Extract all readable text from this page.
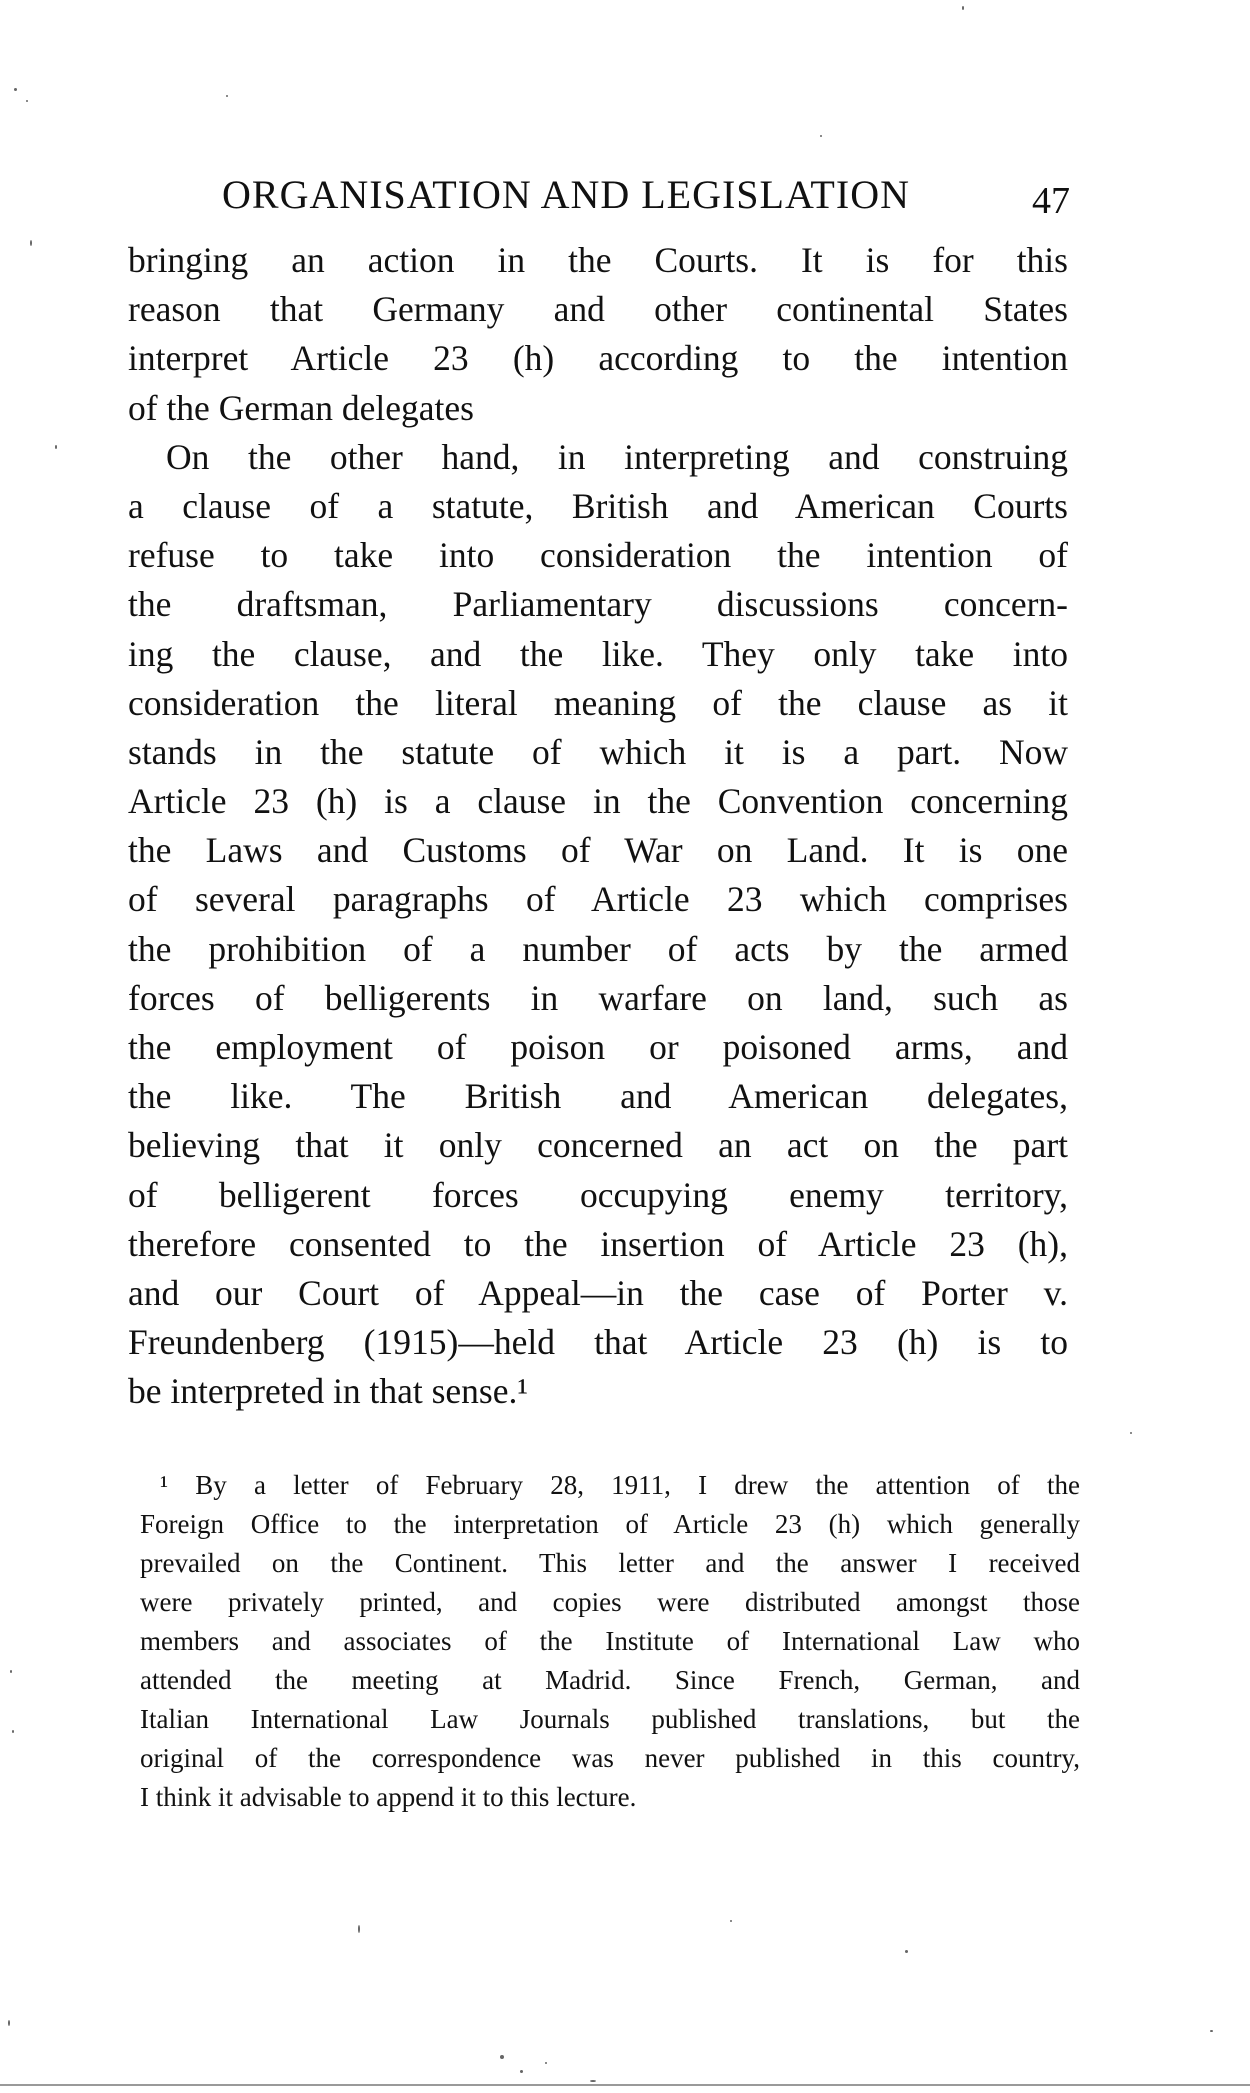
ORGANISATION AND LEGISLATION	47
bringing an action in the Courts. It is for this
reason that Germany and other continental States
interpret Article 23 (h) according to the intention
of the German delegates
On the other hand, in interpreting and construing
a clause of a statute, British and American Courts
refuse to take into consideration the intention of
the draftsman, Parliamentary discussions concern-
ing the clause, and the like. They only take into
consideration the literal meaning of the clause as it
stands in the statute of which it is a part. Now
Article 23 (h) is a clause in the Convention concerning
the Laws and Customs of War on Land. It is one
of several paragraphs of Article 23 which comprises
the prohibition of a number of acts by the armed
forces of belligerents in warfare on land, such as
the employment of poison or poisoned arms, and
the like. The British and American delegates,
believing that it only concerned an act on the part
of belligerent forces occupying enemy territory,
therefore consented to the insertion of Article 23 (h),
and our Court of Appeal—in the case of Porter v.
Freundenberg (1915)—held that Article 23 (h) is to
be interpreted in that sense.¹
¹ By a letter of February 28, 1911, I drew the attention of the
Foreign Office to the interpretation of Article 23 (h) which generally
prevailed on the Continent. This letter and the answer I received
were privately printed, and copies were distributed amongst those
members and associates of the Institute of International Law who
attended the meeting at Madrid. Since French, German, and
Italian International Law Journals published translations, but the
original of the correspondence was never published in this country,
I think it advisable to append it to this lecture.
